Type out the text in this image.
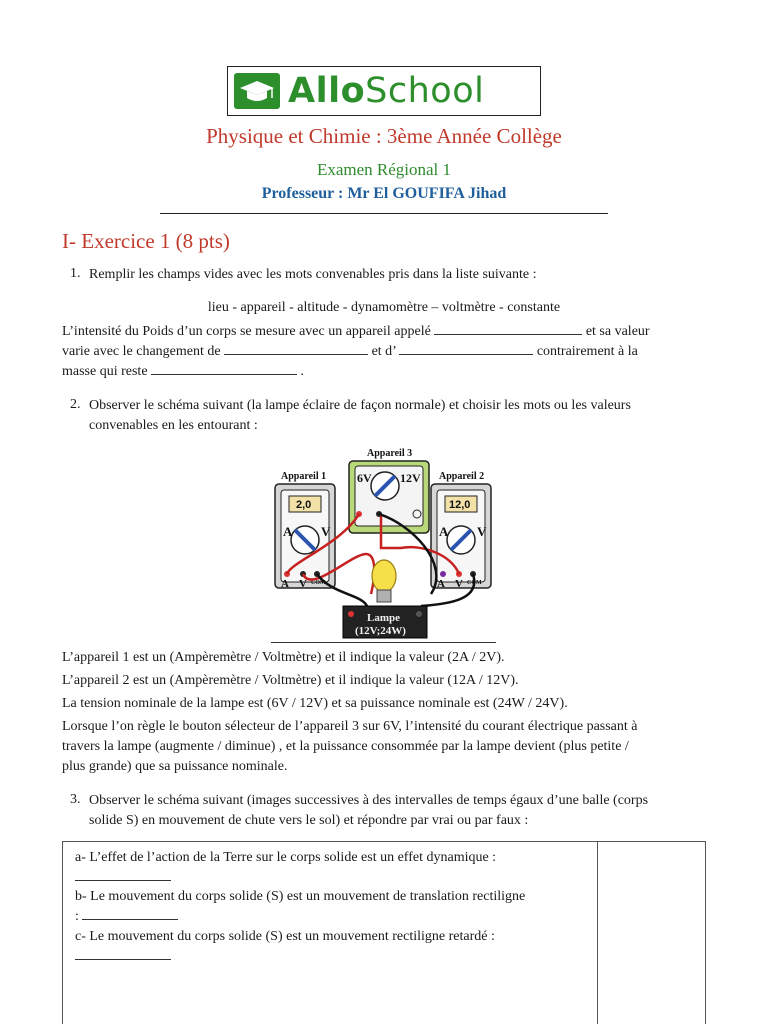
AlloSchool
Physique et Chimie : 3ème Année Collège
Examen Régional 1
Professeur : Mr El GOUFIFA Jihad
I- Exercice 1 (8 pts)
1. Remplir les champs vides avec les mots convenables pris dans la liste suivante :
lieu - appareil - altitude - dynamomètre – voltmètre - constante
L’intensité du Poids d’un corps se mesure avec un appareil appelé	et sa valeur
varie avec le changement de	et d’	contrairement à la
masse qui reste	.
2. Observer le schéma suivant (la lampe éclaire de façon normale) et choisir les mots ou les valeurs
convenables en les entourant :
Appareil 3
6V 12V
Appareil 1
2,0
A V
A V COM
Appareil 2
12,0
A V
A V COM
Lampe
(12V;24W)
L’appareil 1 est un (Ampèremètre / Voltmètre) et il indique la valeur (2A / 2V).
L’appareil 2 est un (Ampèremètre / Voltmètre) et il indique la valeur (12A / 12V).
La tension nominale de la lampe est (6V / 12V) et sa puissance nominale est (24W / 24V).
Lorsque l’on règle le bouton sélecteur de l’appareil 3 sur 6V, l’intensité du courant électrique passant à
travers la lampe (augmente / diminue) , et la puissance consommée par la lampe devient (plus petite /
plus grande) que sa puissance nominale.
3. Observer le schéma suivant (images successives à des intervalles de temps égaux d’une balle (corps
solide S) en mouvement de chute vers le sol) et répondre par vrai ou par faux :
a- L’effet de l’action de la Terre sur le corps solide est un effet dynamique :
b- Le mouvement du corps solide (S) est un mouvement de translation rectiligne
:
c- Le mouvement du corps solide (S) est un mouvement rectiligne retardé :
